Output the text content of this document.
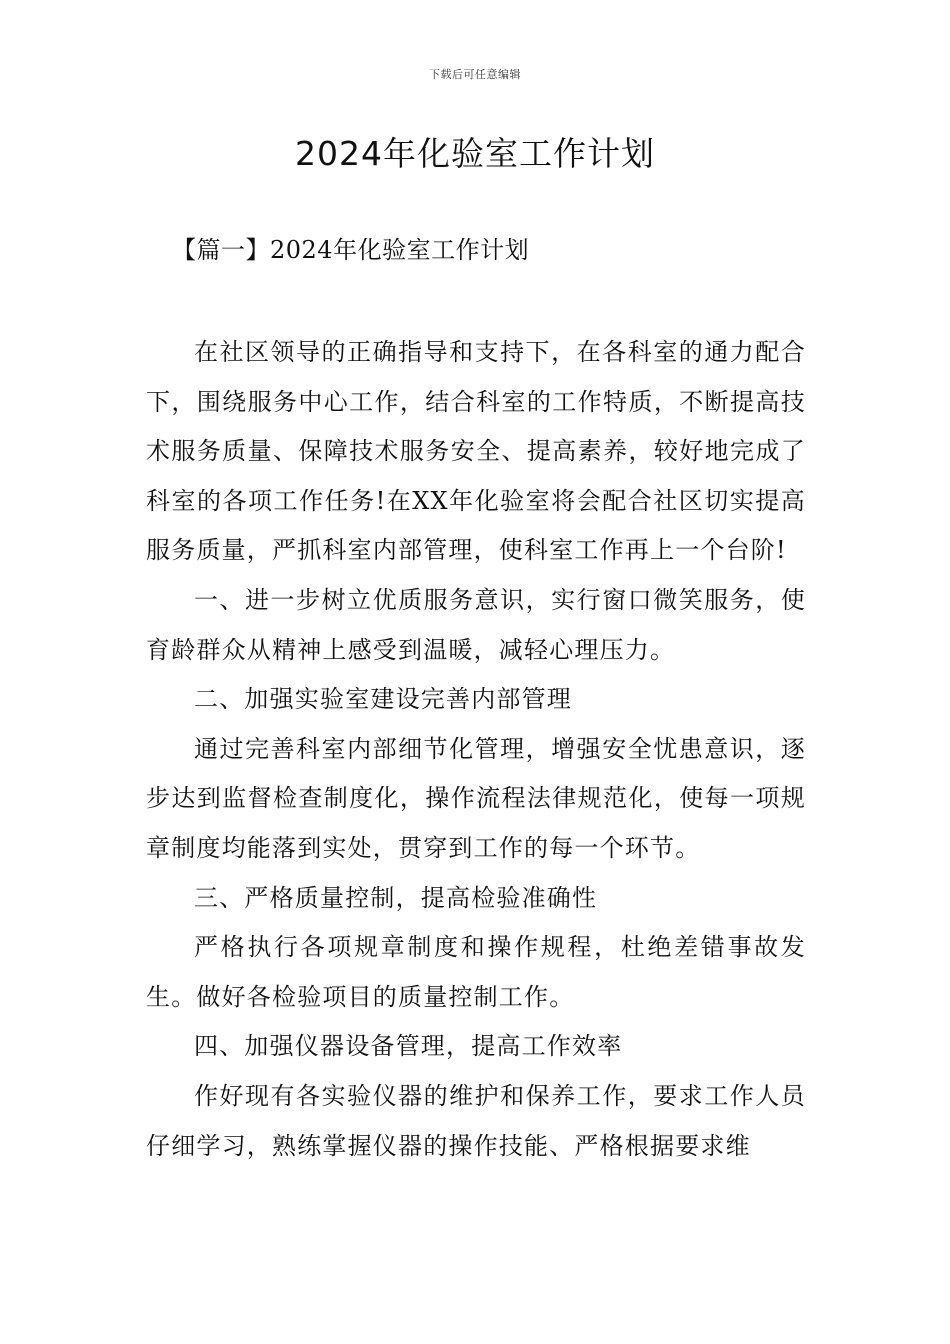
下载后可任意编辑
2024年化验室工作计划
【篇一】2024年化验室工作计划

在社区领导的正确指导和支持下，在各科室的通力配合下，围绕服务中心工作，结合科室的工作特质，不断提高技术服务质量、保障技术服务安全、提高素养，较好地完成了科室的各项工作任务!在XX年化验室将会配合社区切实提高服务质量，严抓科室内部管理，使科室工作再上一个台阶!

一、进一步树立优质服务意识，实行窗口微笑服务，使育龄群众从精神上感受到温暖，减轻心理压力。

二、加强实验室建设完善内部管理

通过完善科室内部细节化管理，增强安全忧患意识，逐步达到监督检查制度化，操作流程法律规范化，使每一项规章制度均能落到实处，贯穿到工作的每一个环节。

三、严格质量控制，提高检验准确性

严格执行各项规章制度和操作规程，杜绝差错事故发生。做好各检验项目的质量控制工作。

四、加强仪器设备管理，提高工作效率

作好现有各实验仪器的维护和保养工作，要求工作人员仔细学习，熟练掌握仪器的操作技能、严格根据要求维
